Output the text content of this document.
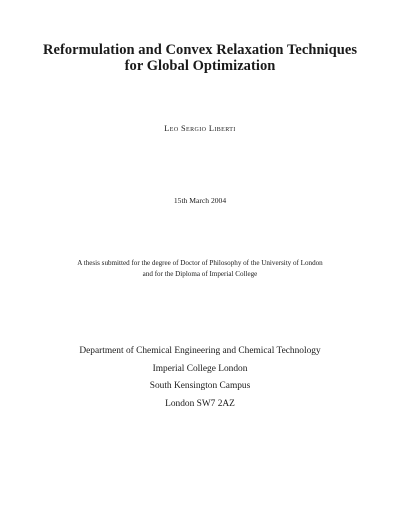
Reformulation and Convex Relaxation Techniques
for Global Optimization
Leo Sergio Liberti
15th March 2004
A thesis submitted for the degree of Doctor of Philosophy of the University of London
and for the Diploma of Imperial College
Department of Chemical Engineering and Chemical Technology
Imperial College London
South Kensington Campus
London SW7 2AZ
